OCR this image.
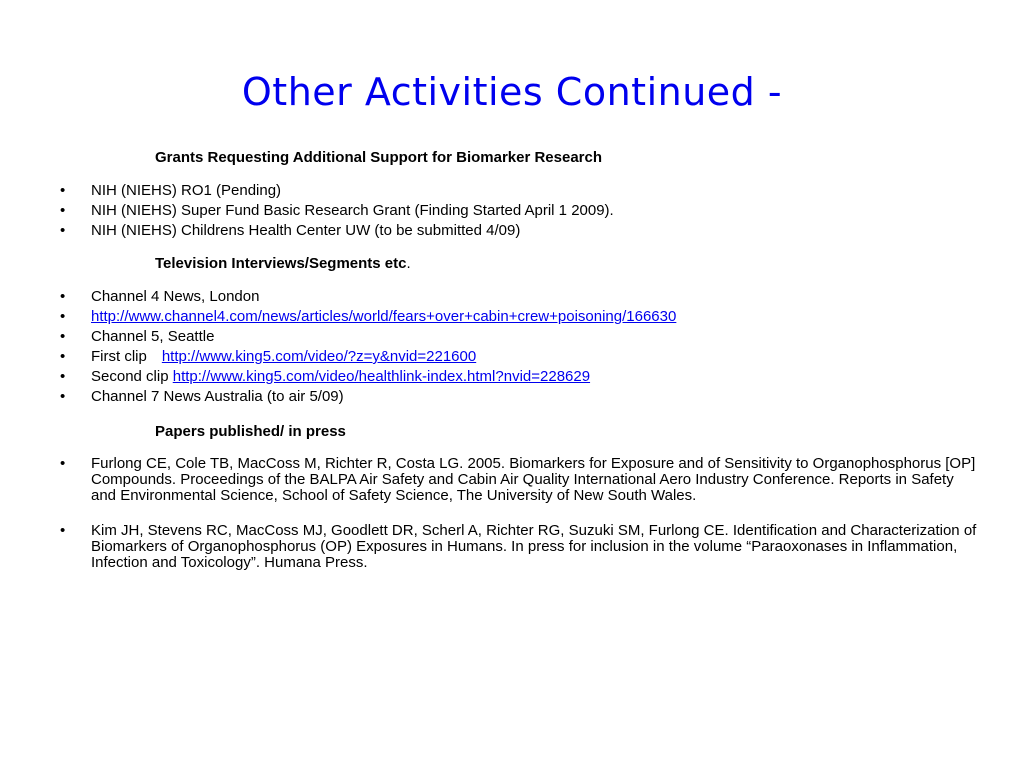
Other Activities Continued -
Grants Requesting Additional Support for Biomarker Research
• NIH (NIEHS) RO1 (Pending)
• NIH (NIEHS) Super Fund Basic Research Grant (Finding Started April 1 2009).
• NIH (NIEHS) Childrens Health Center UW (to be submitted 4/09)
Television Interviews/Segments etc.
• Channel 4 News, London
• http://www.channel4.com/news/articles/world/fears+over+cabin+crew+poisoning/166630
• Channel 5, Seattle
• First clip http://www.king5.com/video/?z=y&nvid=221600
• Second clip http://www.king5.com/video/healthlink-index.html?nvid=228629
• Channel 7 News Australia (to air 5/09)
Papers published/ in press
• Furlong CE, Cole TB, MacCoss M, Richter R, Costa LG. 2005. Biomarkers for Exposure and of Sensitivity to Organophosphorus [OP] Compounds. Proceedings of the BALPA Air Safety and Cabin Air Quality International Aero Industry Conference. Reports in Safety and Environmental Science, School of Safety Science, The University of New South Wales.
• Kim JH, Stevens RC, MacCoss MJ, Goodlett DR, Scherl A, Richter RG, Suzuki SM, Furlong CE. Identification and Characterization of Biomarkers of Organophosphorus (OP) Exposures in Humans. In press for inclusion in the volume “Paraoxonases in Inflammation, Infection and Toxicology”. Humana Press.
